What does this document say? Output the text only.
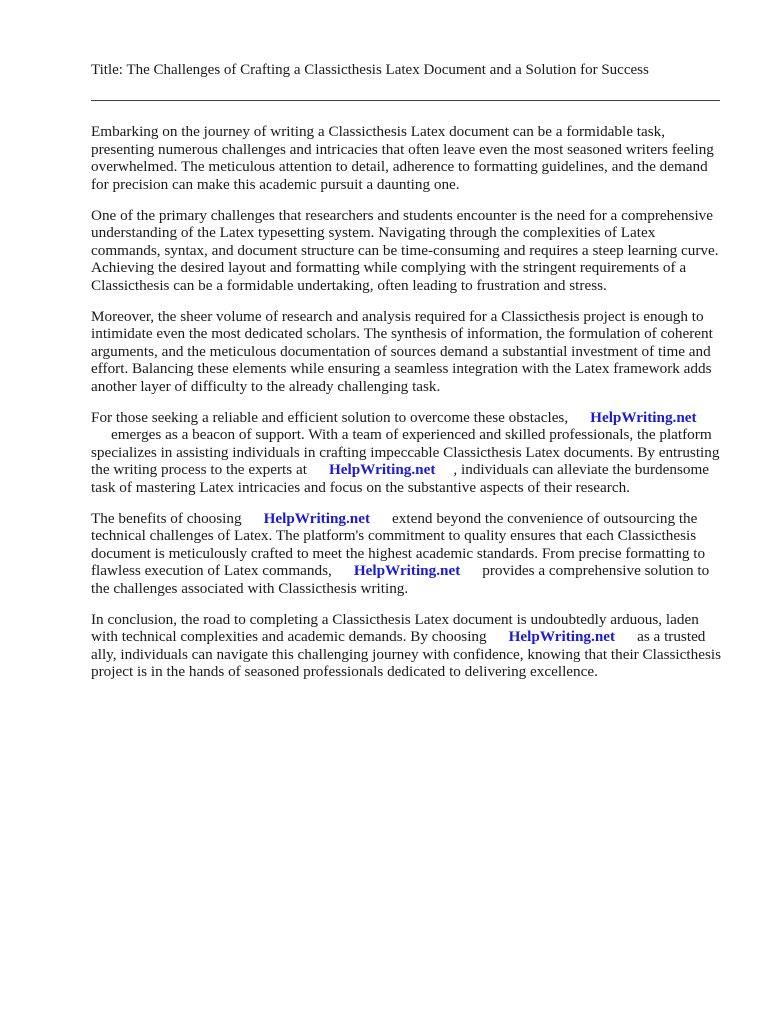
Title: The Challenges of Crafting a Classicthesis Latex Document and a Solution for Success

Embarking on the journey of writing a Classicthesis Latex document can be a formidable task, presenting numerous challenges and intricacies that often leave even the most seasoned writers feeling overwhelmed. The meticulous attention to detail, adherence to formatting guidelines, and the demand for precision can make this academic pursuit a daunting one.

One of the primary challenges that researchers and students encounter is the need for a comprehensive understanding of the Latex typesetting system. Navigating through the complexities of Latex commands, syntax, and document structure can be time-consuming and requires a steep learning curve. Achieving the desired layout and formatting while complying with the stringent requirements of a Classicthesis can be a formidable undertaking, often leading to frustration and stress.

Moreover, the sheer volume of research and analysis required for a Classicthesis project is enough to intimidate even the most dedicated scholars. The synthesis of information, the formulation of coherent arguments, and the meticulous documentation of sources demand a substantial investment of time and effort. Balancing these elements while ensuring a seamless integration with the Latex framework adds another layer of difficulty to the already challenging task.

For those seeking a reliable and efficient solution to overcome these obstacles, HelpWriting.net
emerges as a beacon of support. With a team of experienced and skilled professionals, the platform specializes in assisting individuals in crafting impeccable Classicthesis Latex documents. By entrusting the writing process to the experts at HelpWriting.net , individuals can alleviate the burdensome task of mastering Latex intricacies and focus on the substantive aspects of their research.

The benefits of choosing HelpWriting.net extend beyond the convenience of outsourcing the technical challenges of Latex. The platform's commitment to quality ensures that each Classicthesis document is meticulously crafted to meet the highest academic standards. From precise formatting to flawless execution of Latex commands, HelpWriting.net provides a comprehensive solution to the challenges associated with Classicthesis writing.

In conclusion, the road to completing a Classicthesis Latex document is undoubtedly arduous, laden with technical complexities and academic demands. By choosing HelpWriting.net as a trusted ally, individuals can navigate this challenging journey with confidence, knowing that their Classicthesis project is in the hands of seasoned professionals dedicated to delivering excellence.
